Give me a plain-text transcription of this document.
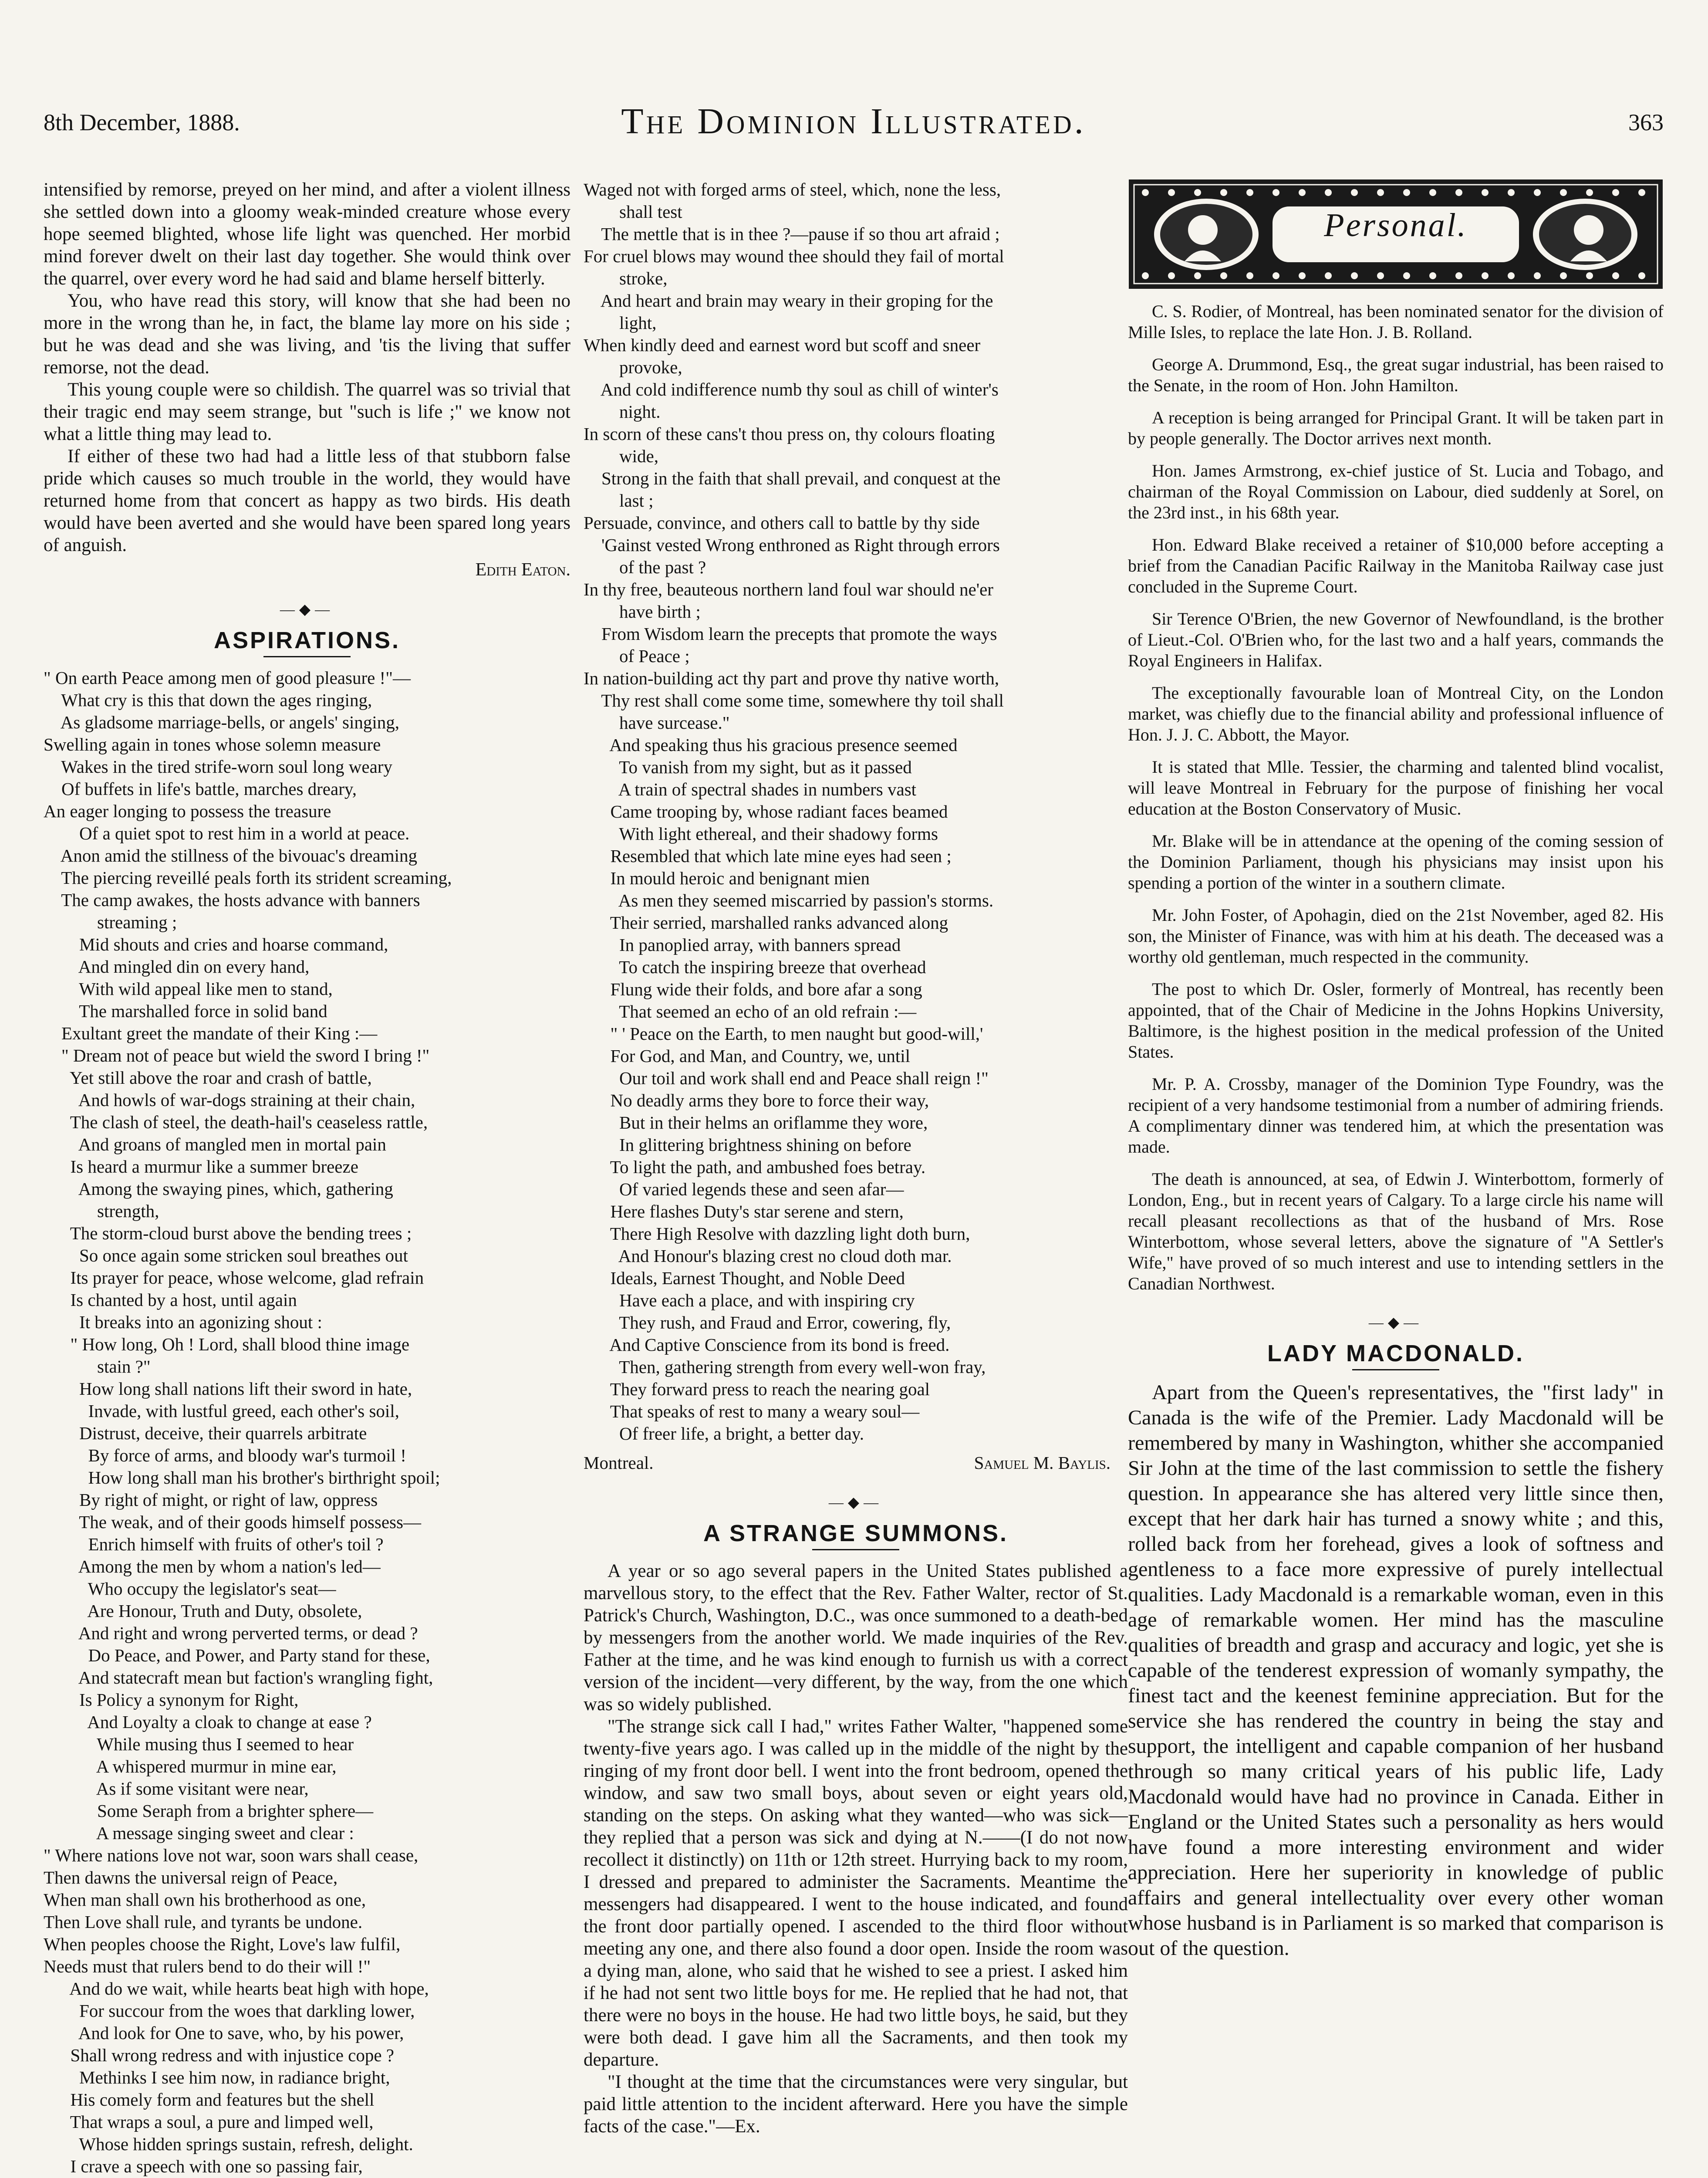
8th December, 1888.	The Dominion Illustrated.	363

intensified by remorse, preyed on her mind, and after a violent illness she settled down into a gloomy weak-minded creature whose every hope seemed blighted, whose life light was quenched. Her morbid mind forever dwelt on their last day together. She would think over the quarrel, over every word he had said and blame herself bitterly.

You, who have read this story, will know that she had been no more in the wrong than he, in fact, the blame lay more on his side ; but he was dead and she was living, and 'tis the living that suffer remorse, not the dead.

This young couple were so childish. The quarrel was so trivial that their tragic end may seem strange, but "such is life ;" we know not what a little thing may lead to.

If either of these two had had a little less of that stubborn false pride which causes so much trouble in the world, they would have returned home from that concert as happy as two birds. His death would have been averted and she would have been spared long years of anguish.

Edith Eaton.
—◆—
ASPIRATIONS.
" On earth Peace among men of good pleasure !"—
What cry is this that down the ages ringing,
As gladsome marriage-bells, or angels' singing,
Swelling again in tones whose solemn measure
Wakes in the tired strife-worn soul long weary
Of buffets in life's battle, marches dreary,
An eager longing to possess the treasure
Of a quiet spot to rest him in a world at peace.
Anon amid the stillness of the bivouac's dreaming
The piercing reveillé peals forth its strident screaming,
The camp awakes, the hosts advance with banners
streaming ;
Mid shouts and cries and hoarse command,
And mingled din on every hand,
With wild appeal like men to stand,
The marshalled force in solid band
Exultant greet the mandate of their King :—
" Dream not of peace but wield the sword I bring !"
Yet still above the roar and crash of battle,
And howls of war-dogs straining at their chain,
The clash of steel, the death-hail's ceaseless rattle,
And groans of mangled men in mortal pain
Is heard a murmur like a summer breeze
Among the swaying pines, which, gathering
strength,
The storm-cloud burst above the bending trees ;
So once again some stricken soul breathes out
Its prayer for peace, whose welcome, glad refrain
Is chanted by a host, until again
It breaks into an agonizing shout :
" How long, Oh ! Lord, shall blood thine image
stain ?"
How long shall nations lift their sword in hate,
Invade, with lustful greed, each other's soil,
Distrust, deceive, their quarrels arbitrate
By force of arms, and bloody war's turmoil !
How long shall man his brother's birthright spoil;
By right of might, or right of law, oppress
The weak, and of their goods himself possess—
Enrich himself with fruits of other's toil ?
Among the men by whom a nation's led—
Who occupy the legislator's seat—
Are Honour, Truth and Duty, obsolete,
And right and wrong perverted terms, or dead ?
Do Peace, and Power, and Party stand for these,
And statecraft mean but faction's wrangling fight,
Is Policy a synonym for Right,
And Loyalty a cloak to change at ease ?
While musing thus I seemed to hear
A whispered murmur in mine ear,
As if some visitant were near,
Some Seraph from a brighter sphere—
A message singing sweet and clear :
" Where nations love not war, soon wars shall cease,
Then dawns the universal reign of Peace,
When man shall own his brotherhood as one,
Then Love shall rule, and tyrants be undone.
When peoples choose the Right, Love's law fulfil,
Needs must that rulers bend to do their will !"
And do we wait, while hearts beat high with hope,
For succour from the woes that darkling lower,
And look for One to save, who, by his power,
Shall wrong redress and with injustice cope ?
Methinks I see him now, in radiance bright,
His comely form and features but the shell
That wraps a soul, a pure and limped well,
Whose hidden springs sustain, refresh, delight.
I crave a speech with one so passing fair,
Waged not with forged arms of steel, which, none the less,
shall test
The mettle that is in thee ?—pause if so thou art afraid ;
For cruel blows may wound thee should they fail of mortal
stroke,
And heart and brain may weary in their groping for the
light,
When kindly deed and earnest word but scoff and sneer
provoke,
And cold indifference numb thy soul as chill of winter's
night.
In scorn of these cans't thou press on, thy colours floating
wide,
Strong in the faith that shall prevail, and conquest at the
last ;
Persuade, convince, and others call to battle by thy side
'Gainst vested Wrong enthroned as Right through errors
of the past ?
In thy free, beauteous northern land foul war should ne'er
have birth ;
From Wisdom learn the precepts that promote the ways
of Peace ;
In nation-building act thy part and prove thy native worth,
Thy rest shall come some time, somewhere thy toil shall
have surcease."
And speaking thus his gracious presence seemed
To vanish from my sight, but as it passed
A train of spectral shades in numbers vast
Came trooping by, whose radiant faces beamed
With light ethereal, and their shadowy forms
Resembled that which late mine eyes had seen ;
In mould heroic and benignant mien
As men they seemed miscarried by passion's storms.
Their serried, marshalled ranks advanced along
In panoplied array, with banners spread
To catch the inspiring breeze that overhead
Flung wide their folds, and bore afar a song
That seemed an echo of an old refrain :—
" ' Peace on the Earth, to men naught but good-will,'
For God, and Man, and Country, we, until
Our toil and work shall end and Peace shall reign !"
No deadly arms they bore to force their way,
But in their helms an oriflamme they wore,
In glittering brightness shining on before
To light the path, and ambushed foes betray.
Of varied legends these and seen afar—
Here flashes Duty's star serene and stern,
There High Resolve with dazzling light doth burn,
And Honour's blazing crest no cloud doth mar.
Ideals, Earnest Thought, and Noble Deed
Have each a place, and with inspiring cry
They rush, and Fraud and Error, cowering, fly,
And Captive Conscience from its bond is freed.
Then, gathering strength from every well-won fray,
They forward press to reach the nearing goal
That speaks of rest to many a weary soul—
Of freer life, a bright, a better day.
Montreal.	Samuel M. Baylis.
—◆—
A STRANGE SUMMONS.

A year or so ago several papers in the United States published a marvellous story, to the effect that the Rev. Father Walter, rector of St. Patrick's Church, Washington, D.C., was once summoned to a death-bed by messengers from the another world. We made inquiries of the Rev. Father at the time, and he was kind enough to furnish us with a correct version of the incident—very different, by the way, from the one which was so widely published.

"The strange sick call I had," writes Father Walter, "happened some twenty-five years ago. I was called up in the middle of the night by the ringing of my front door bell. I went into the front bedroom, opened the window, and saw two small boys, about seven or eight years old, standing on the steps. On asking what they wanted—who was sick—they replied that a person was sick and dying at N.——(I do not now recollect it distinctly) on 11th or 12th street. Hurrying back to my room, I dressed and prepared to administer the Sacraments. Meantime the messengers had disappeared. I went to the house indicated, and found the front door partially opened. I ascended to the third floor without meeting any one, and there also found a door open. Inside the room was a dying man, alone, who said that he wished to see a priest. I asked him if he had not sent two little boys for me. He replied that he had not, that there were no boys in the house. He had two little boys, he said, but they were both dead. I gave him all the Sacraments, and then took my departure.

"I thought at the time that the circumstances were very singular, but paid little attention to the incident afterward. Here you have the simple facts of the case."—Ex.

Personal.

C. S. Rodier, of Montreal, has been nominated senator for the division of Mille Isles, to replace the late Hon. J. B. Rolland.

George A. Drummond, Esq., the great sugar industrial, has been raised to the Senate, in the room of Hon. John Hamilton.

A reception is being arranged for Principal Grant. It will be taken part in by people generally. The Doctor arrives next month.

Hon. James Armstrong, ex-chief justice of St. Lucia and Tobago, and chairman of the Royal Commission on Labour, died suddenly at Sorel, on the 23rd inst., in his 68th year.

Hon. Edward Blake received a retainer of $10,000 before accepting a brief from the Canadian Pacific Railway in the Manitoba Railway case just concluded in the Supreme Court.

Sir Terence O'Brien, the new Governor of Newfoundland, is the brother of Lieut.-Col. O'Brien who, for the last two and a half years, commands the Royal Engineers in Halifax.

The exceptionally favourable loan of Montreal City, on the London market, was chiefly due to the financial ability and professional influence of Hon. J. J. C. Abbott, the Mayor.

It is stated that Mlle. Tessier, the charming and talented blind vocalist, will leave Montreal in February for the purpose of finishing her vocal education at the Boston Conservatory of Music.

Mr. Blake will be in attendance at the opening of the coming session of the Dominion Parliament, though his physicians may insist upon his spending a portion of the winter in a southern climate.

Mr. John Foster, of Apohagin, died on the 21st November, aged 82. His son, the Minister of Finance, was with him at his death. The deceased was a worthy old gentleman, much respected in the community.

The post to which Dr. Osler, formerly of Montreal, has recently been appointed, that of the Chair of Medicine in the Johns Hopkins University, Baltimore, is the highest position in the medical profession of the United States.

Mr. P. A. Crossby, manager of the Dominion Type Foundry, was the recipient of a very handsome testimonial from a number of admiring friends. A complimentary dinner was tendered him, at which the presentation was made.

The death is announced, at sea, of Edwin J. Winterbottom, formerly of London, Eng., but in recent years of Calgary. To a large circle his name will recall pleasant recollections as that of the husband of Mrs. Rose Winterbottom, whose several letters, above the signature of "A Settler's Wife," have proved of so much interest and use to intending settlers in the Canadian Northwest.

—◆—
LADY MACDONALD.

Apart from the Queen's representatives, the "first lady" in Canada is the wife of the Premier. Lady Macdonald will be remembered by many in Washington, whither she accompanied Sir John at the time of the last commission to settle the fishery question. In appearance she has altered very little since then, except that her dark hair has turned a snowy white ; and this, rolled back from her forehead, gives a look of softness and gentleness to a face more expressive of purely intellectual qualities. Lady Macdonald is a remarkable woman, even in this age of remarkable women. Her mind has the masculine qualities of breadth and grasp and accuracy and logic, yet she is capable of the tenderest expression of womanly sympathy, the finest tact and the keenest feminine appreciation. But for the service she has rendered the country in being the stay and support, the intelligent and capable companion of her husband through so many critical years of his public life, Lady Macdonald would have had no province in Canada. Either in England or the United States such a personality as hers would have found a more interesting environment and wider appreciation. Here her superiority in knowledge of public affairs and general intellectuality over every other woman whose husband is in Parliament is so marked that comparison is out of the question.
